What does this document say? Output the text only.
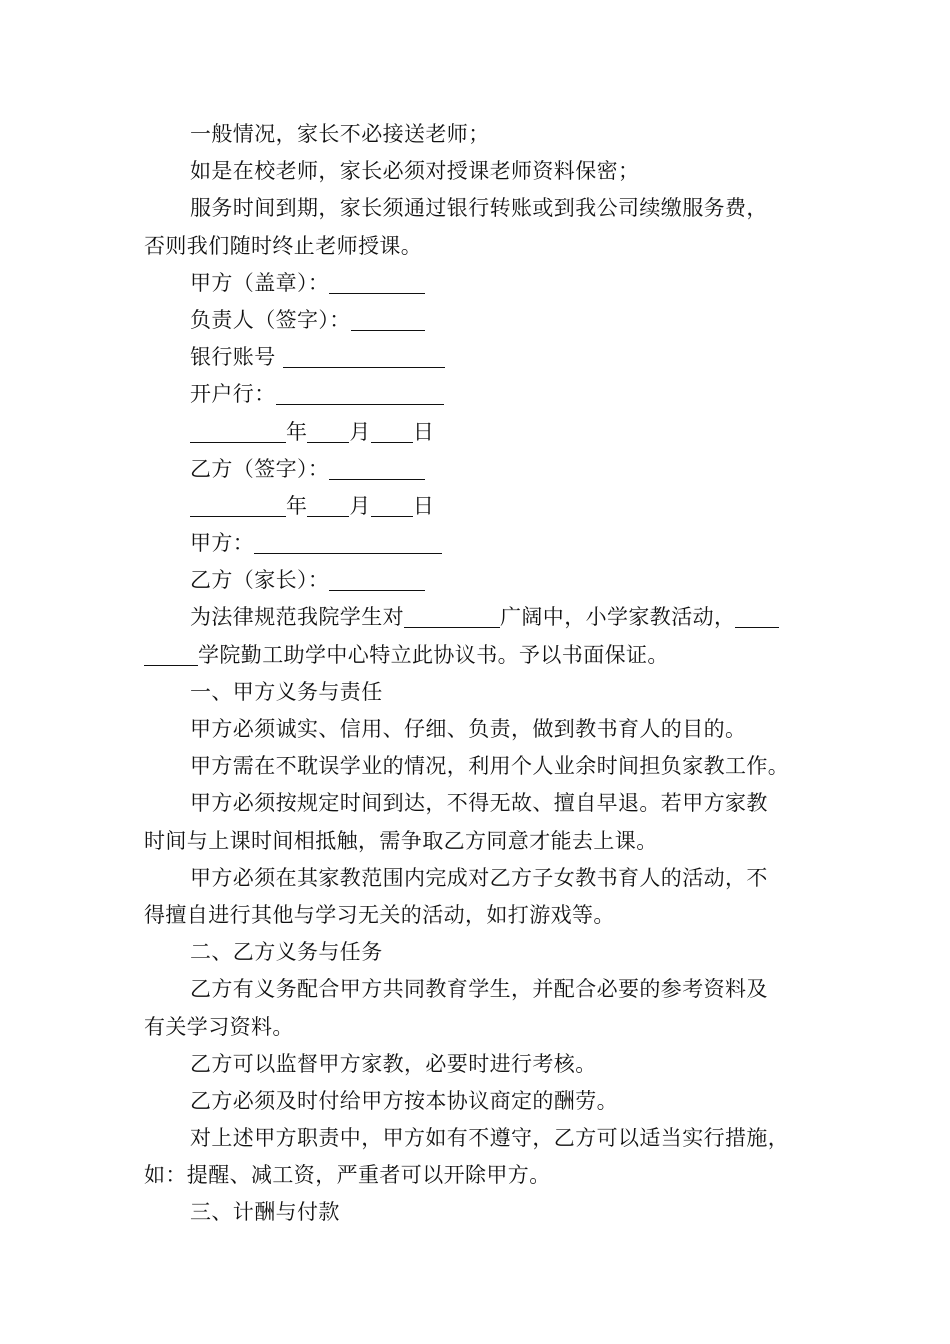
一般情况，家长不必接送老师；
如是在校老师，家长必须对授课老师资料保密；
服务时间到期，家长须通过银行转账或到我公司续缴服务费，
否则我们随时终止老师授课。
甲方（盖章）：
负责人（签字）：
银行账号
开户行：
年 月 日
乙方（签字）：
年 月 日
甲方：
乙方（家长）：
为法律规范我院学生对	广阔中，小学家教活动，
学院勤工助学中心特立此协议书。予以书面保证。
一、甲方义务与责任
甲方必须诚实、信用、仔细、负责，做到教书育人的目的。
甲方需在不耽误学业的情况，利用个人业余时间担负家教工作。
甲方必须按规定时间到达，不得无故、擅自早退。若甲方家教
时间与上课时间相抵触，需争取乙方同意才能去上课。
甲方必须在其家教范围内完成对乙方子女教书育人的活动，不
得擅自进行其他与学习无关的活动，如打游戏等。
二、乙方义务与任务
乙方有义务配合甲方共同教育学生，并配合必要的参考资料及
有关学习资料。
乙方可以监督甲方家教，必要时进行考核。
乙方必须及时付给甲方按本协议商定的酬劳。
对上述甲方职责中，甲方如有不遵守，乙方可以适当实行措施，
如：提醒、减工资，严重者可以开除甲方。
三、计酬与付款
